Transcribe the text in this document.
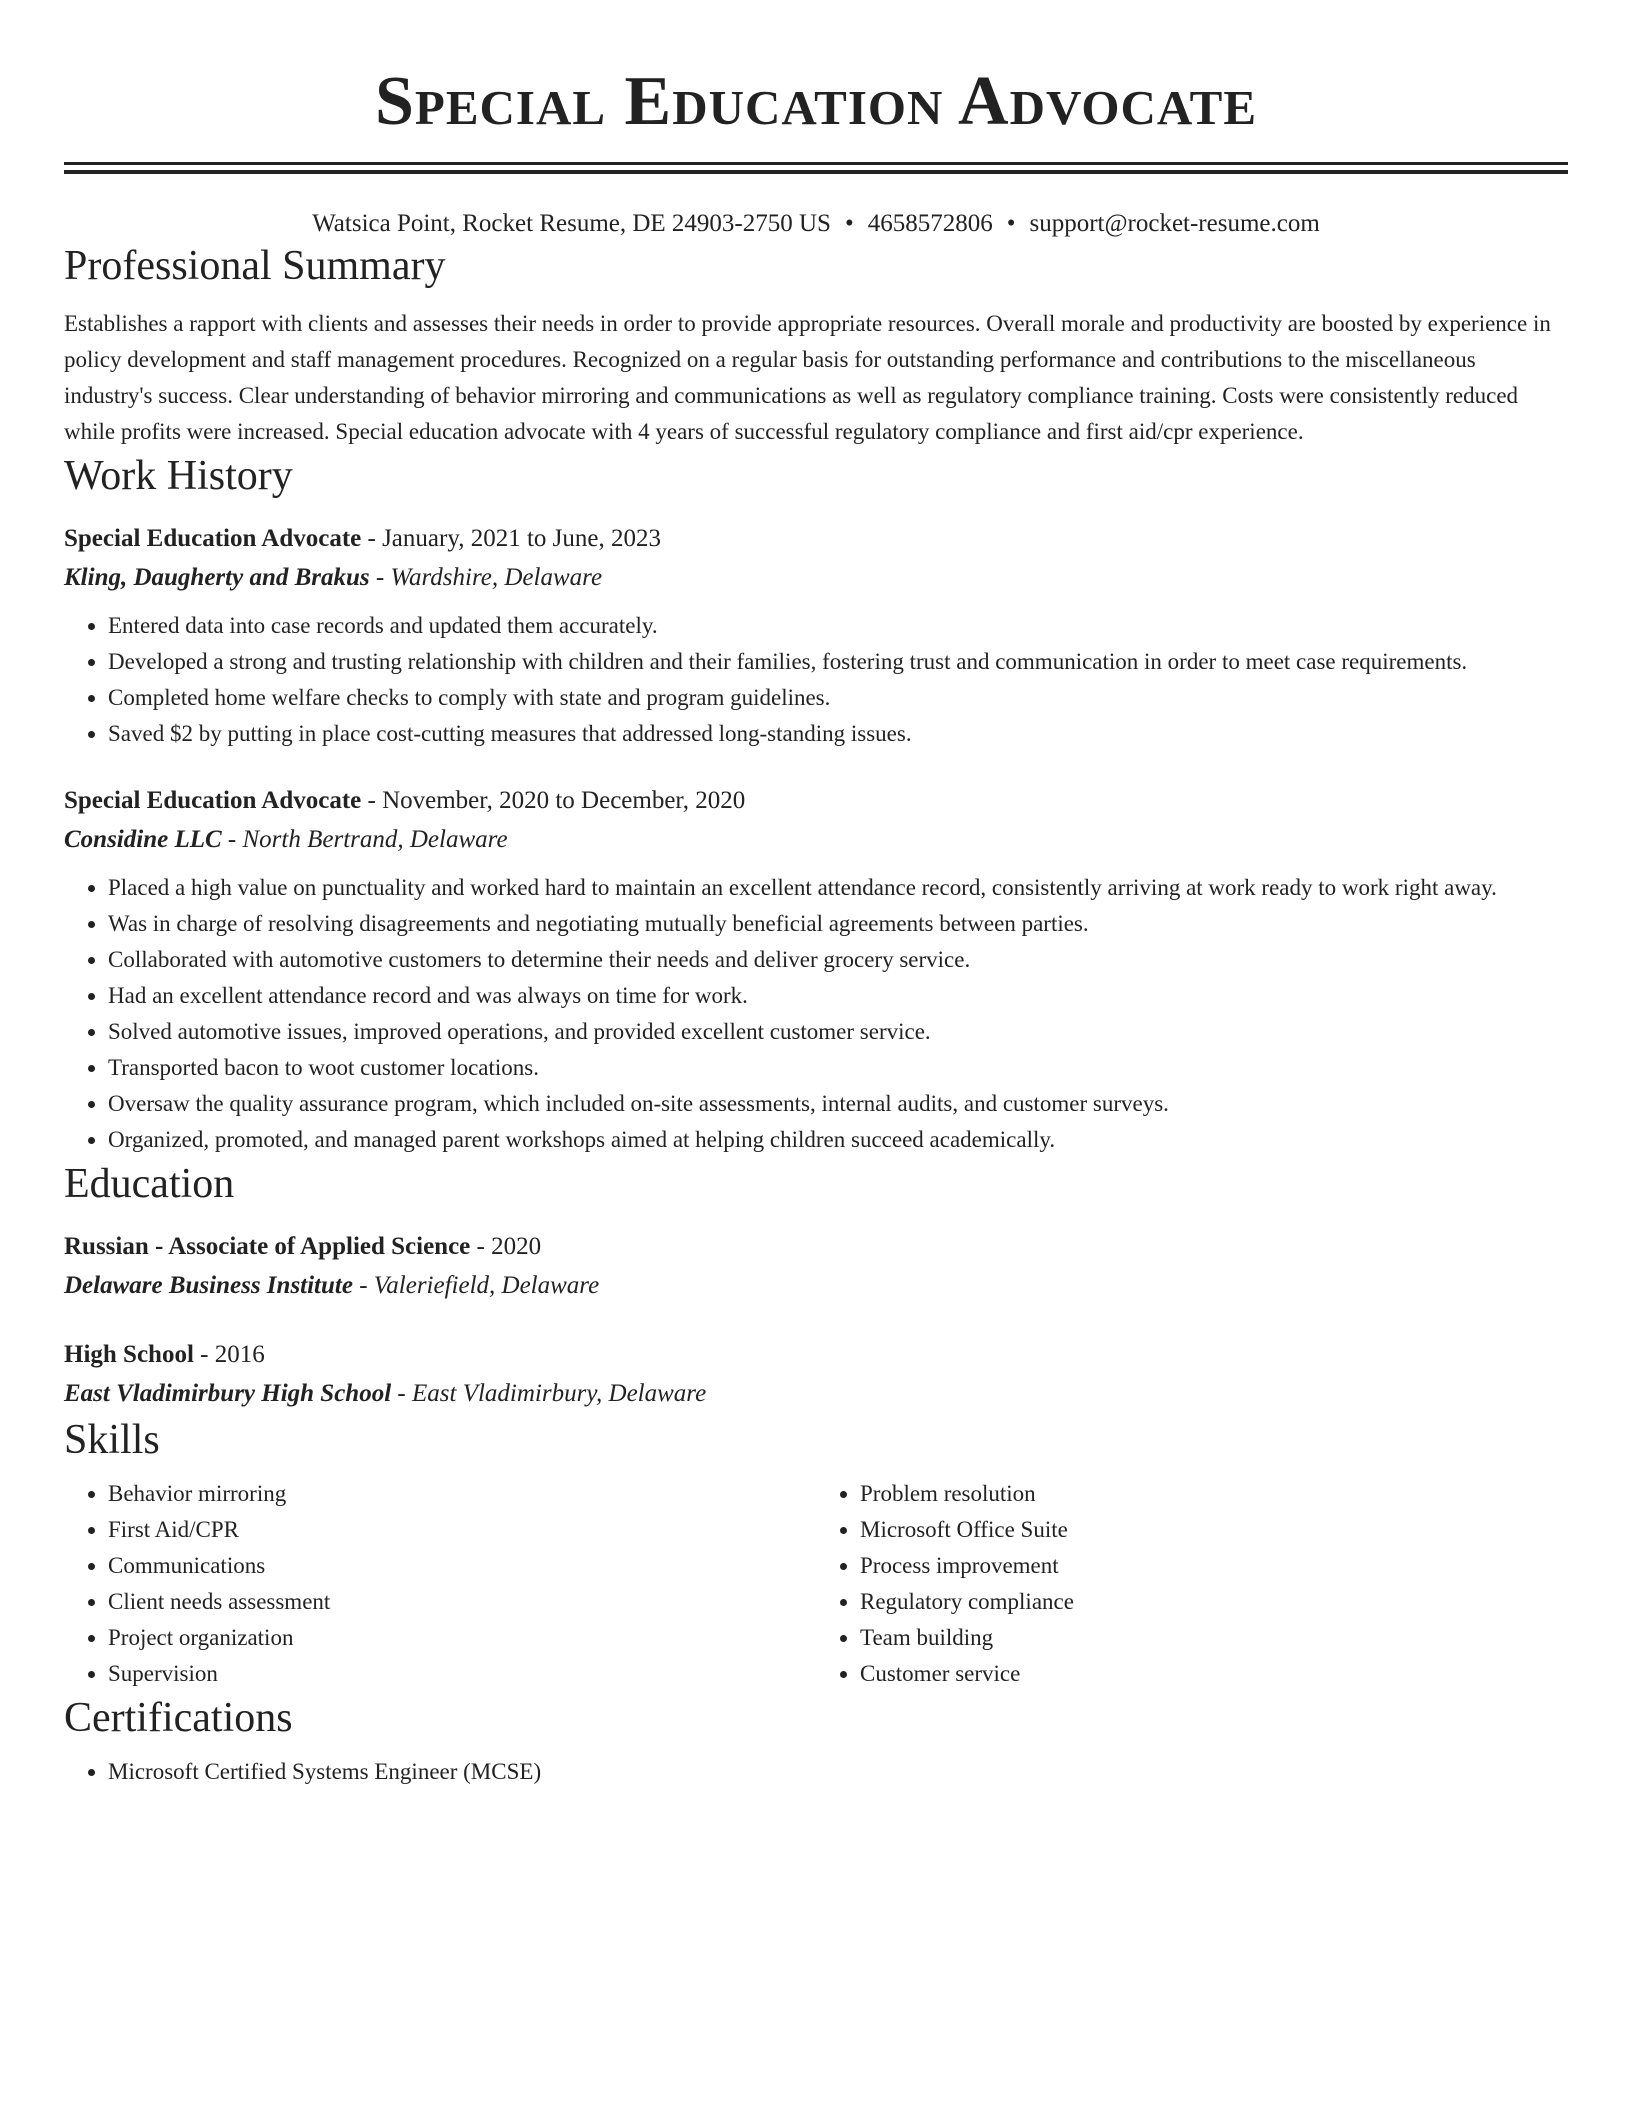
Special Education Advocate
Watsica Point, Rocket Resume, DE 24903-2750 US • 4658572806 • support@rocket-resume.com
Professional Summary
Establishes a rapport with clients and assesses their needs in order to provide appropriate resources. Overall morale and productivity are boosted by experience in policy development and staff management procedures. Recognized on a regular basis for outstanding performance and contributions to the miscellaneous industry's success. Clear understanding of behavior mirroring and communications as well as regulatory compliance training. Costs were consistently reduced while profits were increased. Special education advocate with 4 years of successful regulatory compliance and first aid/cpr experience.
Work History
Special Education Advocate - January, 2021 to June, 2023
Kling, Daugherty and Brakus - Wardshire, Delaware
• Entered data into case records and updated them accurately.
• Developed a strong and trusting relationship with children and their families, fostering trust and communication in order to meet case requirements.
• Completed home welfare checks to comply with state and program guidelines.
• Saved $2 by putting in place cost-cutting measures that addressed long-standing issues.
Special Education Advocate - November, 2020 to December, 2020
Considine LLC - North Bertrand, Delaware
• Placed a high value on punctuality and worked hard to maintain an excellent attendance record, consistently arriving at work ready to work right away.
• Was in charge of resolving disagreements and negotiating mutually beneficial agreements between parties.
• Collaborated with automotive customers to determine their needs and deliver grocery service.
• Had an excellent attendance record and was always on time for work.
• Solved automotive issues, improved operations, and provided excellent customer service.
• Transported bacon to woot customer locations.
• Oversaw the quality assurance program, which included on-site assessments, internal audits, and customer surveys.
• Organized, promoted, and managed parent workshops aimed at helping children succeed academically.
Education
Russian - Associate of Applied Science - 2020
Delaware Business Institute - Valeriefield, Delaware
High School - 2016
East Vladimirbury High School - East Vladimirbury, Delaware
Skills
• Behavior mirroring
• First Aid/CPR
• Communications
• Client needs assessment
• Project organization
• Supervision
• Problem resolution
• Microsoft Office Suite
• Process improvement
• Regulatory compliance
• Team building
• Customer service
Certifications
• Microsoft Certified Systems Engineer (MCSE)
